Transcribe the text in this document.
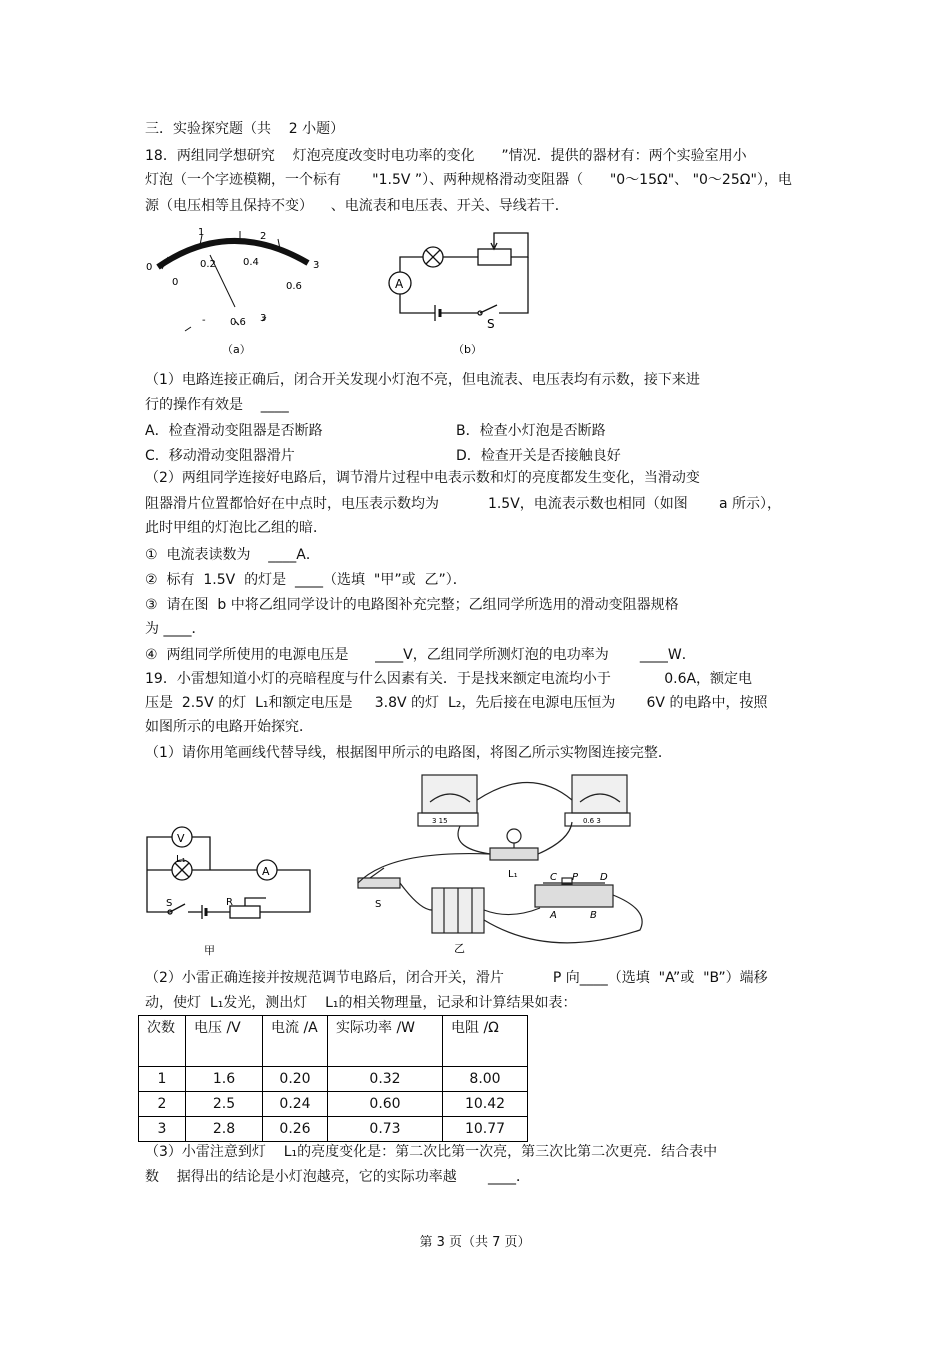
三．实验探究题（共    2 小题）
18．两组同学想研究    灯泡亮度改变时电功率的变化      ”情况．提供的器材有：两个实验室用小
灯泡（一个字迹模糊，一个标有       "1.5V ”）、两种规格滑动变阻器（      "0～15Ω"、 "0～25Ω"），电
源（电压相等且保持不变）    、电流表和电压表、开关、导线若干．
0
1	2
3
0
0.2	0.4
0.6
- 0.6 3
（a）
A
S
（b）
（1）电路连接正确后，闭合开关发现小灯泡不亮，但电流表、电压表均有示数，接下来进
行的操作有效是    ____
A．检查滑动变阻器是否断路	B．检查小灯泡是否断路
C．移动滑动变阻器滑片	D．检查开关是否接触良好
（2）两组同学连接好电路后，调节滑片过程中电表示数和灯的亮度都发生变化，当滑动变
阻器滑片位置都恰好在中点时，电压表示数均为           1.5V，电流表示数也相同（如图       a 所示），
此时甲组的灯泡比乙组的暗．
①  电流表读数为    ____A．
②  标有  1.5V  的灯是  ____（选填  "甲”或  乙”）．
③  请在图  b 中将乙组同学设计的电路图补充完整；乙组同学所选用的滑动变阻器规格
为 ____．
④  两组同学所使用的电源电压是      ____V，乙组同学所测灯泡的电功率为       ____W．
19．小雷想知道小灯的亮暗程度与什么因素有关．于是找来额定电流均小于            0.6A，额定电
压是  2.5V 的灯  L₁和额定电压是     3.8V 的灯  L₂，先后接在电源电压恒为       6V 的电路中，按照
如图所示的电路开始探究．
（1）请你用笔画线代替导线，根据图甲所示的电路图，将图乙所示实物图连接完整．
V
L₁
A
S	R
甲
3 15	0.6 3
L₁
S
C P D
A	B
乙
（2）小雷正确连接并按规范调节电路后，闭合开关，滑片           P 向____（选填  "A”或  "B”）端移
动，使灯  L₁发光，测出灯    L₁的相关物理量，记录和计算结果如表：
次数	电压 /V	电流 /A	实际功率 /W	电阻 /Ω
1	1.6	0.20	0.32	8.00
2	2.5	0.24	0.60	10.42
3	2.8	0.26	0.73	10.77
（3）小雷注意到灯    L₁的亮度变化是：第二次比第一次亮，第三次比第二次更亮．结合表中
数    据得出的结论是小灯泡越亮，它的实际功率越       ____．
第 3 页（共 7 页）
